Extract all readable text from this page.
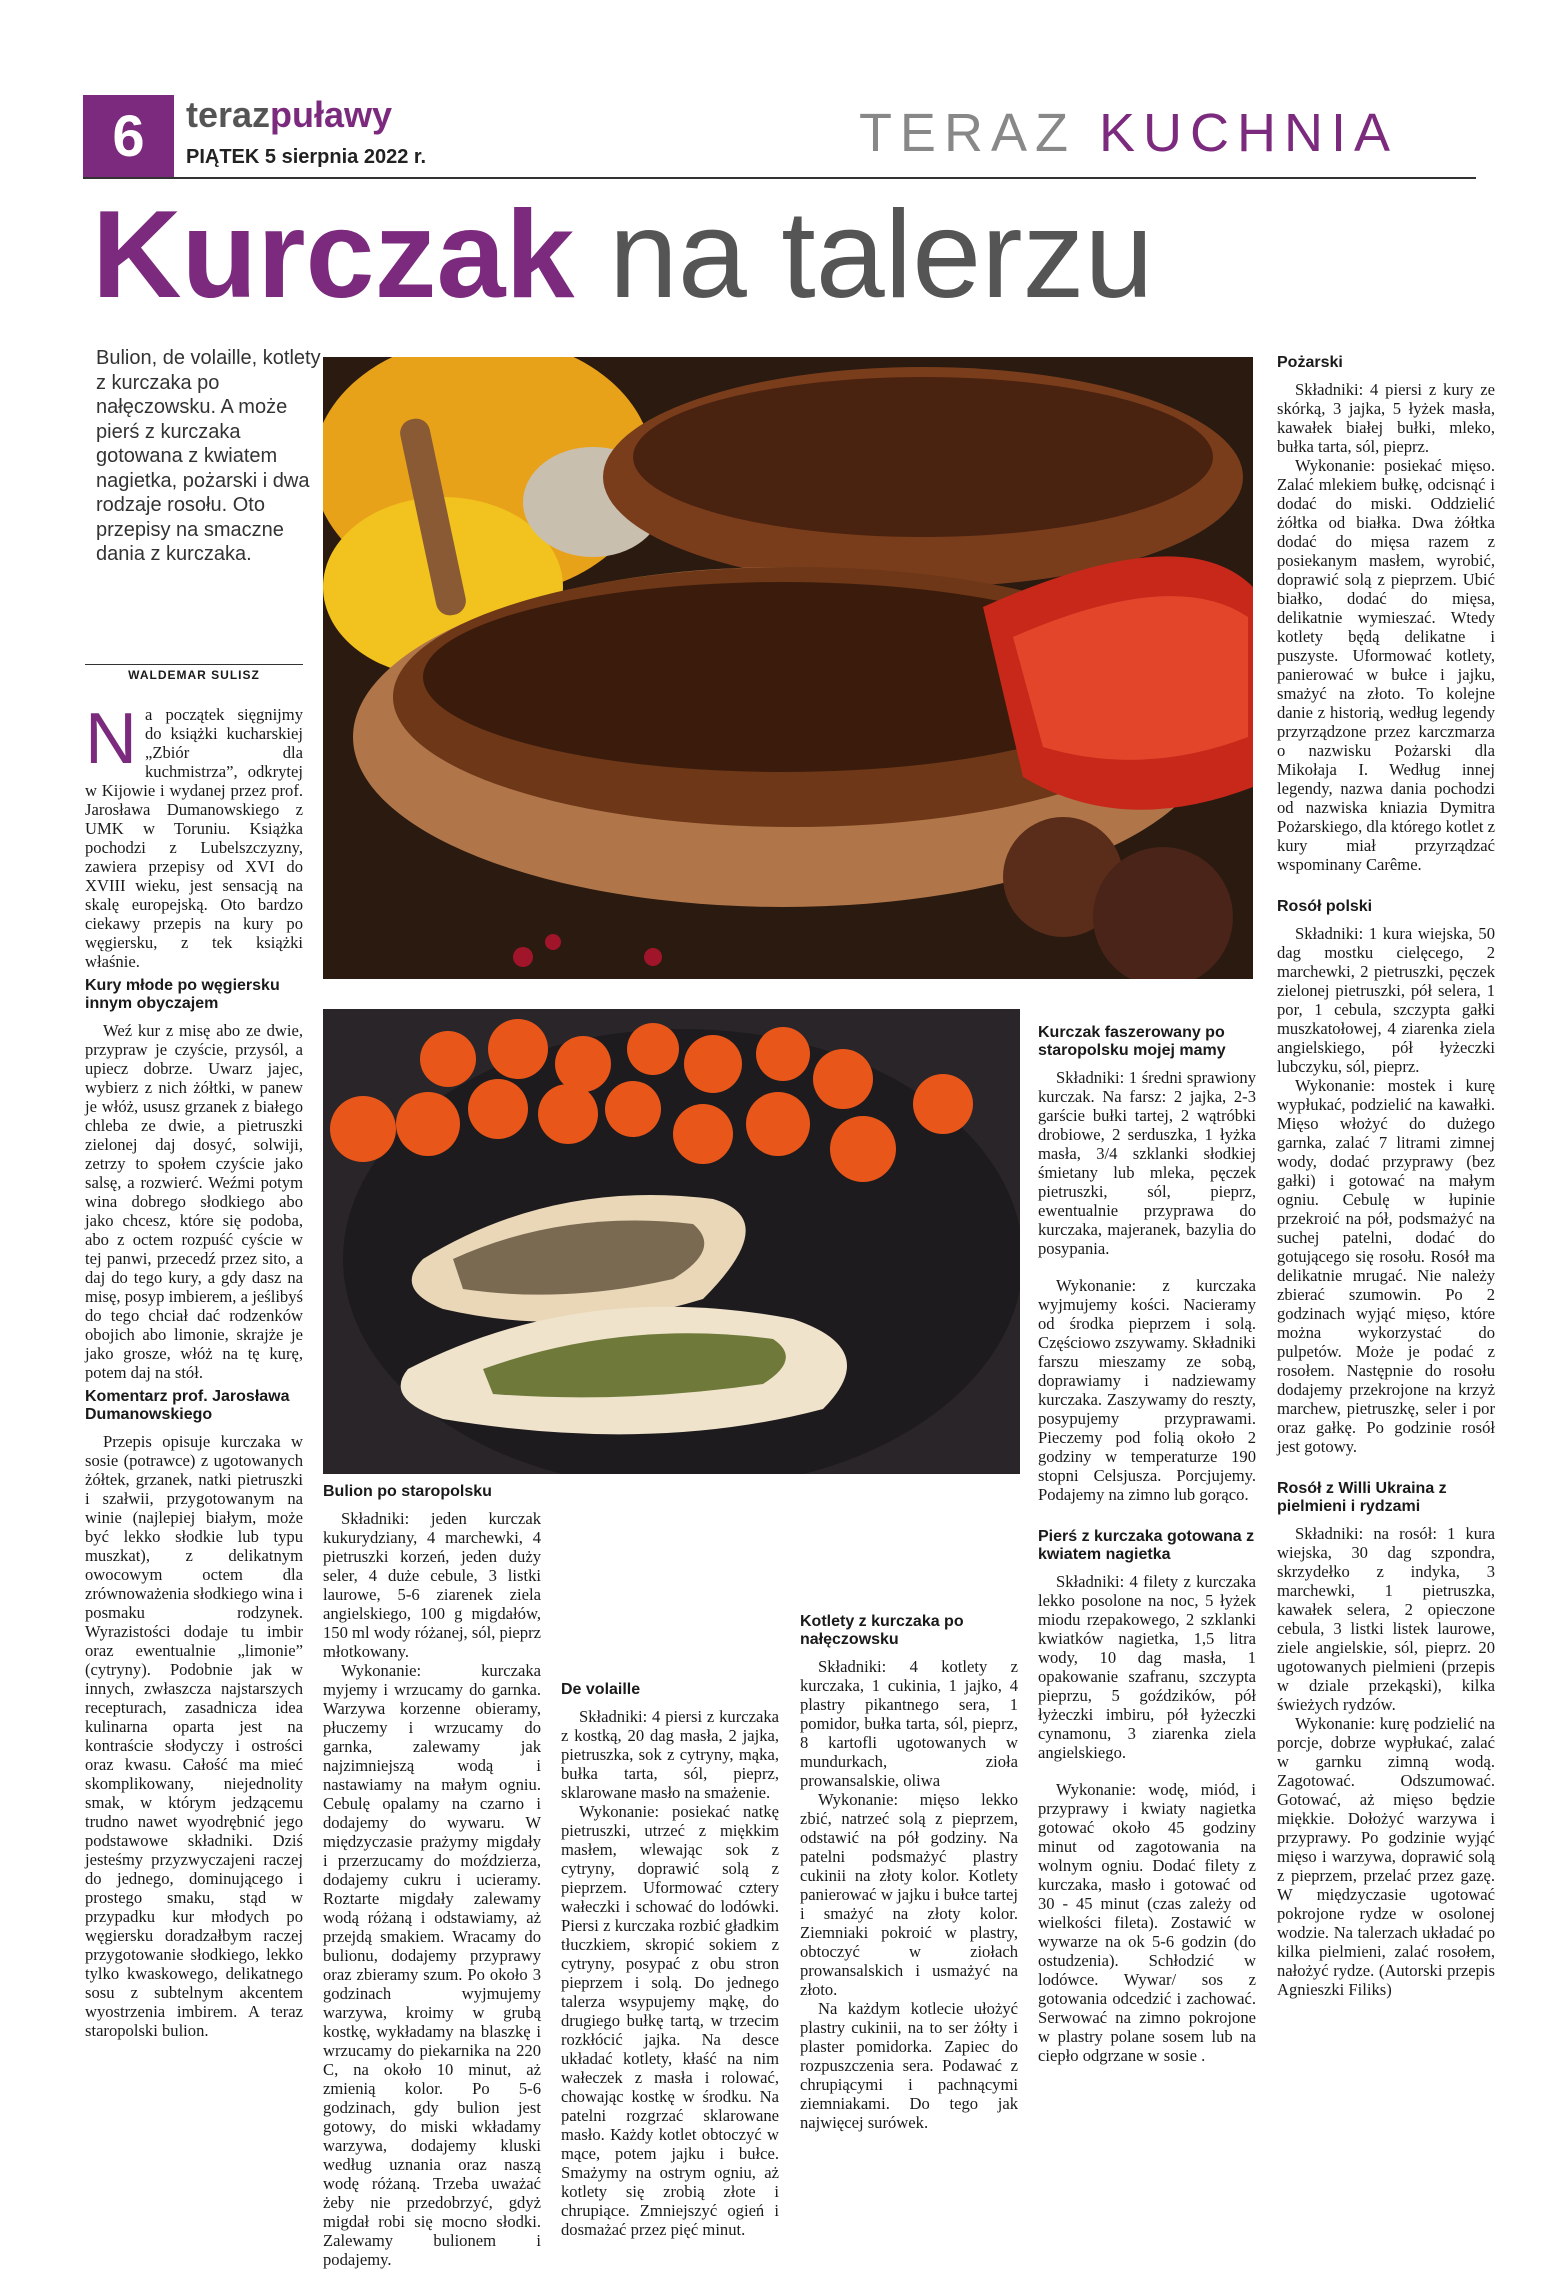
6	terazpuławy
PIĄTEK 5 sierpnia 2022 r.	TERAZ KUCHNIA
Kurczak na talerzu
Bulion, de volaille, kotlety z kurczaka po nałęczowsku. A może pierś z kurczaka gotowana z kwiatem nagietka, pożarski i dwa rodzaje rosołu. Oto przepisy na smaczne dania z kurczaka.
WALDEMAR SULISZ

Na początek sięgnijmy do książki kucharskiej „Zbiór dla kuchmistrza”, odkrytej w Kijowie i wydanej przez prof. Jarosława Dumanowskiego z UMK w Toruniu. Książka pochodzi z Lubelszczyzny, zawiera przepisy od XVI do XVIII wieku, jest sensacją na skalę europejską. Oto bardzo ciekawy przepis na kury po węgiersku, z tek książki właśnie.

Kury młode po węgiersku innym obyczajem

Weź kur z misę abo ze dwie, przypraw je czyście, przysól, a upiecz dobrze. Uwarz jajec, wybierz z nich żółtki, w panew je włóż, ususz grzanek z białego chleba ze dwie, a pietruszki zielonej daj dosyć, solwiji, zetrzy to społem czyście jako salsę, a rozwierć. Weźmi potym wina dobrego słodkiego abo jako chcesz, które się podoba, abo z octem rozpuść cyście w tej panwi, przecedź przez sito, a daj do tego kury, a gdy dasz na misę, posyp imbierem, a jeślibyś do tego chciał dać rodzenków obojich abo limonie, skrajże je jako grosze, włóż na tę kurę, potem daj na stół.

Komentarz prof. Jarosława Dumanowskiego

Przepis opisuje kurczaka w sosie (potrawce) z ugotowanych żółtek, grzanek, natki pietruszki i szałwii, przygotowanym na winie (najlepiej białym, może być lekko słodkie lub typu muszkat), z delikatnym owocowym octem dla zrównoważenia słodkiego wina i posmaku rodzynek. Wyrazistości dodaje tu imbir oraz ewentualnie „limonie” (cytryny). Podobnie jak w innych, zwłaszcza najstarszych recepturach, zasadnicza idea kulinarna oparta jest na kontraście słodyczy i ostrości oraz kwasu. Całość ma mieć skomplikowany, niejednolity smak, w którym jedzącemu trudno nawet wyodrębnić jego podstawowe składniki. Dziś jesteśmy przyzwyczajeni raczej do jednego, dominującego i prostego smaku, stąd w przypadku kur młodych po węgiersku doradzałbym raczej przygotowanie słodkiego, lekko tylko kwaskowego, delikatnego sosu z subtelnym akcentem wyostrzenia imbirem. A teraz staropolski bulion.

Bulion po staropolsku

Składniki: jeden kurczak kukurydziany, 4 marchewki, 4 pietruszki korzeń, jeden duży seler, 4 duże cebule, 3 listki laurowe, 5-6 ziarenek ziela angielskiego, 100 g migdałów, 150 ml wody różanej, sól, pieprz młotkowany.

Wykonanie: kurczaka myjemy i wrzucamy do garnka. Warzywa korzenne obieramy, płuczemy i wrzucamy do garnka, zalewamy jak najzimniejszą wodą i nastawiamy na małym ogniu. Cebulę opalamy na czarno i dodajemy do wywaru. W międzyczasie prażymy migdały i przerzucamy do moździerza, dodajemy cukru i ucieramy. Roztarte migdały zalewamy wodą różaną i odstawiamy, aż przejdą smakiem. Wracamy do bulionu, dodajemy przyprawy oraz zbieramy szum. Po około 3 godzinach wyjmujemy warzywa, kroimy w grubą kostkę, wykładamy na blaszkę i wrzucamy do piekarnika na 220 C, na około 10 minut, aż zmienią kolor. Po 5-6 godzinach, gdy bulion jest gotowy, do miski wkładamy warzywa, dodajemy kluski według uznania oraz naszą wodę różaną. Trzeba uważać żeby nie przedobrzyć, gdyż migdał robi się mocno słodki. Zalewamy bulionem i podajemy.

De volaille

Składniki: 4 piersi z kurczaka z kostką, 20 dag masła, 2 jajka, pietruszka, sok z cytryny, mąka, bułka tarta, sól, pieprz, sklarowane masło na smażenie.

Wykonanie: posiekać natkę pietruszki, utrzeć z miękkim masłem, wlewając sok z cytryny, doprawić solą z pieprzem. Uformować cztery wałeczki i schować do lodówki. Piersi z kurczaka rozbić gładkim tłuczkiem, skropić sokiem z cytryny, posypać z obu stron pieprzem i solą. Do jednego talerza wsypujemy mąkę, do drugiego bułkę tartą, w trzecim rozkłócić jajka. Na desce układać kotlety, kłaść na nim wałeczek z masła i rolować, chowając kostkę w środku. Na patelni rozgrzać sklarowane masło. Każdy kotlet obtoczyć w mące, potem jajku i bułce. Smażymy na ostrym ogniu, aż kotlety się zrobią złote i chrupiące. Zmniejszyć ogień i dosmażać przez pięć minut.

Kotlety z kurczaka po nałęczowsku

Składniki: 4 kotlety z kurczaka, 1 cukinia, 1 jajko, 4 plastry pikantnego sera, 1 pomidor, bułka tarta, sól, pieprz, 8 kartofli ugotowanych w mundurkach, zioła prowansalskie, oliwa

Wykonanie: mięso lekko zbić, natrzeć solą z pieprzem, odstawić na pół godziny. Na patelni podsmażyć plastry cukinii na złoty kolor. Kotlety panierować w jajku i bułce tartej i smażyć na złoty kolor. Ziemniaki pokroić w plastry, obtoczyć w ziołach prowansalskich i usmażyć na złoto.

Na każdym kotlecie ułożyć plastry cukinii, na to ser żółty i plaster pomidorka. Zapiec do rozpuszczenia sera. Podawać z chrupiącymi i pachnącymi ziemniakami. Do tego jak najwięcej surówek.

Kurczak faszerowany po staropolsku mojej mamy

Składniki: 1 średni sprawiony kurczak. Na farsz: 2 jajka, 2-3 garście bułki tartej, 2 wątróbki drobiowe, 2 serduszka, 1 łyżka masła, 3/4 szklanki słodkiej śmietany lub mleka, pęczek pietruszki, sól, pieprz, ewentualnie przyprawa do kurczaka, majeranek, bazylia do posypania.

Wykonanie: z kurczaka wyjmujemy kości. Nacieramy od środka pieprzem i solą. Częściowo zszywamy. Składniki farszu mieszamy ze sobą, doprawiamy i nadziewamy kurczaka. Zaszywamy do reszty, posypujemy przyprawami. Pieczemy pod folią około 2 godziny w temperaturze 190 stopni Celsjusza. Porcjujemy. Podajemy na zimno lub gorąco.

Pierś z kurczaka gotowana z kwiatem nagietka

Składniki: 4 filety z kurczaka lekko posolone na noc, 5 łyżek miodu rzepakowego, 2 szklanki kwiatków nagietka, 1,5 litra wody, 10 dag masła, 1 opakowanie szafranu, szczypta pieprzu, 5 goździków, pół łyżeczki imbiru, pół łyżeczki cynamonu, 3 ziarenka ziela angielskiego.

Wykonanie: wodę, miód, i przyprawy i kwiaty nagietka gotować około 45 godziny minut od zagotowania na wolnym ogniu. Dodać filety z kurczaka, masło i gotować od 30 - 45 minut (czas zależy od wielkości fileta). Zostawić w wywarze na ok 5-6 godzin (do ostudzenia). Schłodzić w lodówce. Wywar/ sos z gotowania odcedzić i zachować. Serwować na zimno pokrojone w plastry polane sosem lub na ciepło odgrzane w sosie .

Pożarski

Składniki: 4 piersi z kury ze skórką, 3 jajka, 5 łyżek masła, kawałek białej bułki, mleko, bułka tarta, sól, pieprz.

Wykonanie: posiekać mięso. Zalać mlekiem bułkę, odcisnąć i dodać do miski. Oddzielić żółtka od białka. Dwa żółtka dodać do mięsa razem z posiekanym masłem, wyrobić, doprawić solą z pieprzem. Ubić białko, dodać do mięsa, delikatnie wymieszać. Wtedy kotlety będą delikatne i puszyste. Uformować kotlety, panierować w bułce i jajku, smażyć na złoto. To kolejne danie z historią, według legendy przyrządzone przez karczmarza o nazwisku Pożarski dla Mikołaja I. Według innej legendy, nazwa dania pochodzi od nazwiska kniazia Dymitra Pożarskiego, dla którego kotlet z kury miał przyrządzać wspominany Carême.

Rosół polski

Składniki: 1 kura wiejska, 50 dag mostku cielęcego, 2 marchewki, 2 pietruszki, pęczek zielonej pietruszki, pół selera, 1 por, 1 cebula, szczypta gałki muszkatołowej, 4 ziarenka ziela angielskiego, pół łyżeczki lubczyku, sól, pieprz.

Wykonanie: mostek i kurę wypłukać, podzielić na kawałki. Mięso włożyć do dużego garnka, zalać 7 litrami zimnej wody, dodać przyprawy (bez gałki) i gotować na małym ogniu. Cebulę w łupinie przekroić na pół, podsmażyć na suchej patelni, dodać do gotującego się rosołu. Rosół ma delikatnie mrugać. Nie należy zbierać szumowin. Po 2 godzinach wyjąć mięso, które można wykorzystać do pulpetów. Może je podać z rosołem. Następnie do rosołu dodajemy przekrojone na krzyż marchew, pietruszkę, seler i por oraz gałkę. Po godzinie rosół jest gotowy.

Rosół z Willi Ukraina z pielmieni i rydzami

Składniki: na rosół: 1 kura wiejska, 30 dag szpondra, skrzydełko z indyka, 3 marchewki, 1 pietruszka, kawałek selera, 2 opieczone cebula, 3 listki listek laurowe, ziele angielskie, sól, pieprz. 20 ugotowanych pielmieni (przepis w dziale przekąski), kilka świeżych rydzów.

Wykonanie: kurę podzielić na porcje, dobrze wypłukać, zalać w garnku zimną wodą. Zagotować. Odszumować. Gotować, aż mięso będzie miękkie. Dołożyć warzywa i przyprawy. Po godzinie wyjąć mięso i warzywa, doprawić solą z pieprzem, przelać przez gazę. W międzyczasie ugotować pokrojone rydze w osolonej wodzie. Na talerzach układać po kilka pielmieni, zalać rosołem, nałożyć rydze. (Autorski przepis Agnieszki Filiks)
